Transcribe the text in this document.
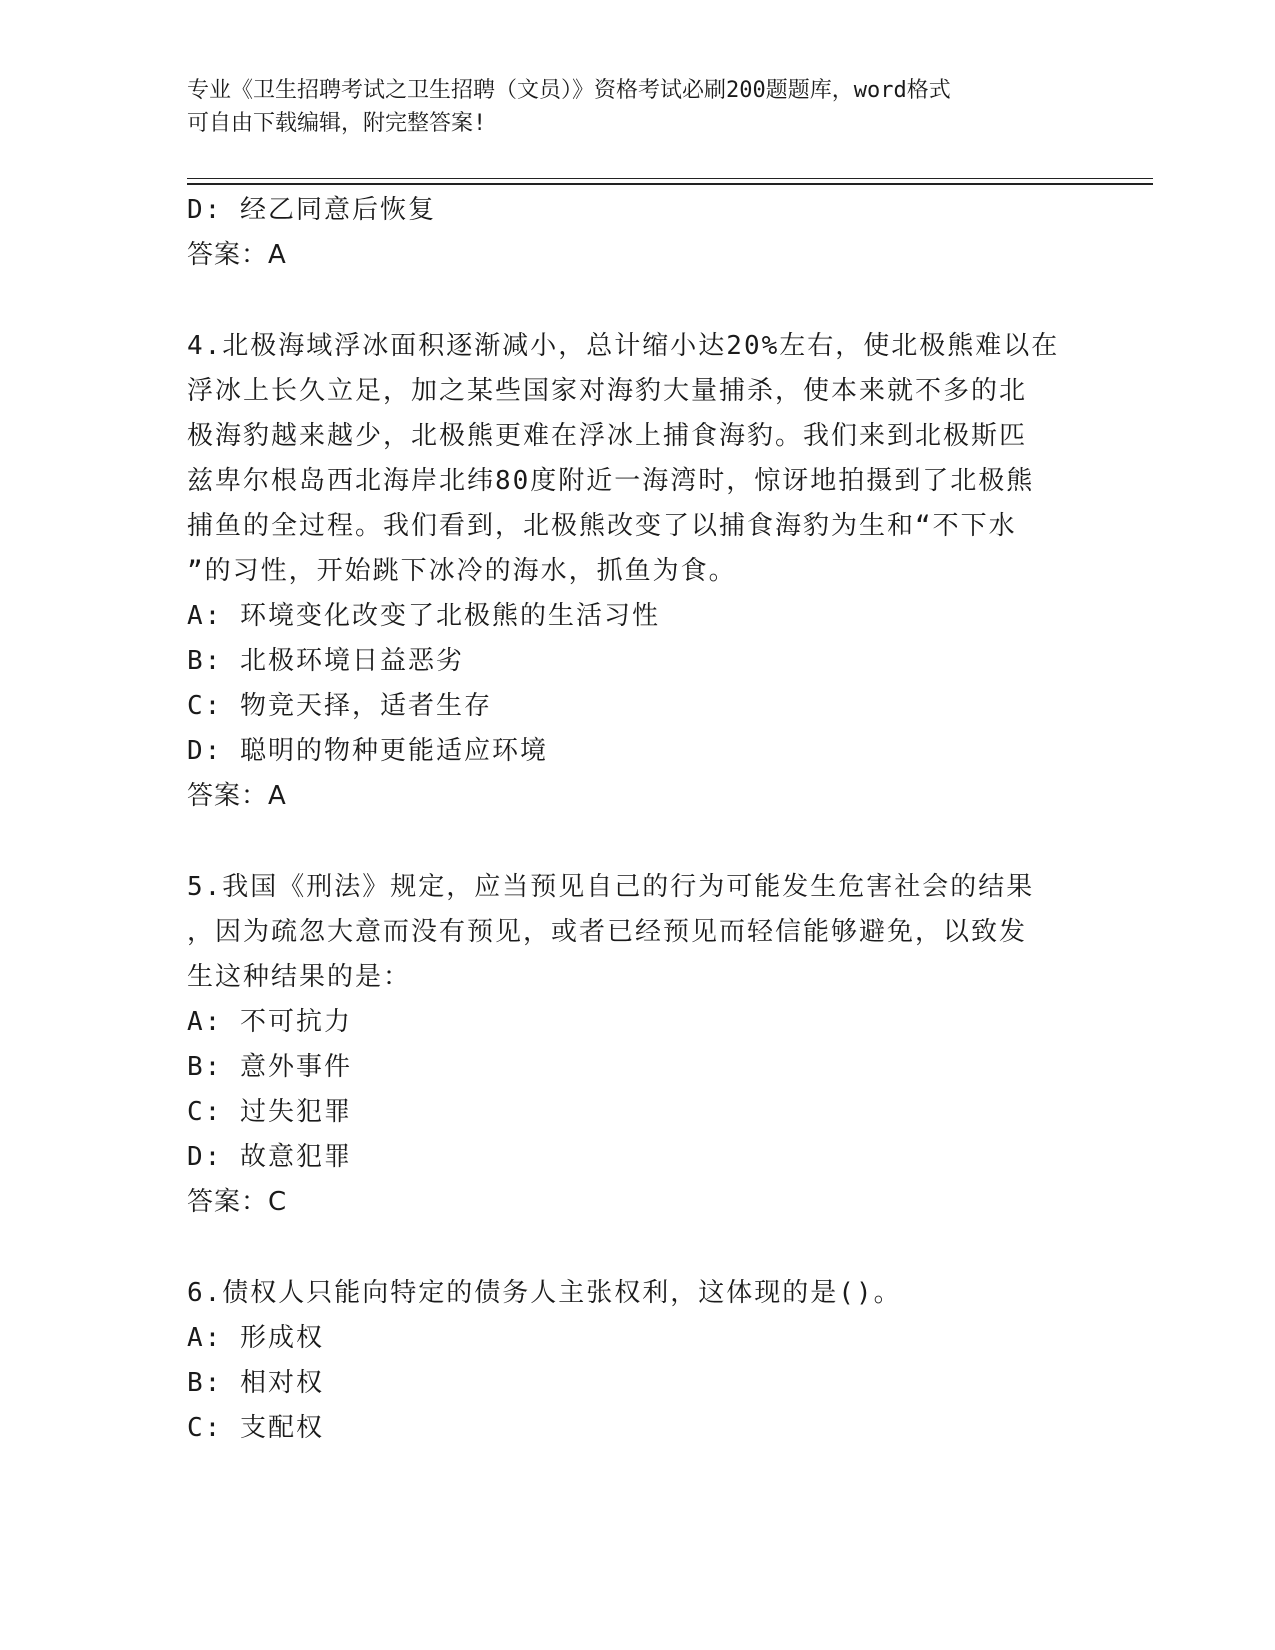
专业《卫生招聘考试之卫生招聘（文员）》资格考试必刷200题题库，word格式
可自由下载编辑，附完整答案!
D: 经乙同意后恢复
答案：A
4.北极海域浮冰面积逐渐减小，总计缩小达20%左右，使北极熊难以在
浮冰上长久立足，加之某些国家对海豹大量捕杀，使本来就不多的北
极海豹越来越少，北极熊更难在浮冰上捕食海豹。我们来到北极斯匹
兹卑尔根岛西北海岸北纬80度附近一海湾时，惊讶地拍摄到了北极熊
捕鱼的全过程。我们看到，北极熊改变了以捕食海豹为生和“不下水
”的习性，开始跳下冰冷的海水，抓鱼为食。
A: 环境变化改变了北极熊的生活习性
B: 北极环境日益恶劣
C: 物竞天择，适者生存
D: 聪明的物种更能适应环境
答案：A
5.我国《刑法》规定，应当预见自己的行为可能发生危害社会的结果
，因为疏忽大意而没有预见，或者已经预见而轻信能够避免，以致发
生这种结果的是：
A: 不可抗力
B: 意外事件
C: 过失犯罪
D: 故意犯罪
答案：C
6.债权人只能向特定的债务人主张权利，这体现的是()。
A: 形成权
B: 相对权
C: 支配权
